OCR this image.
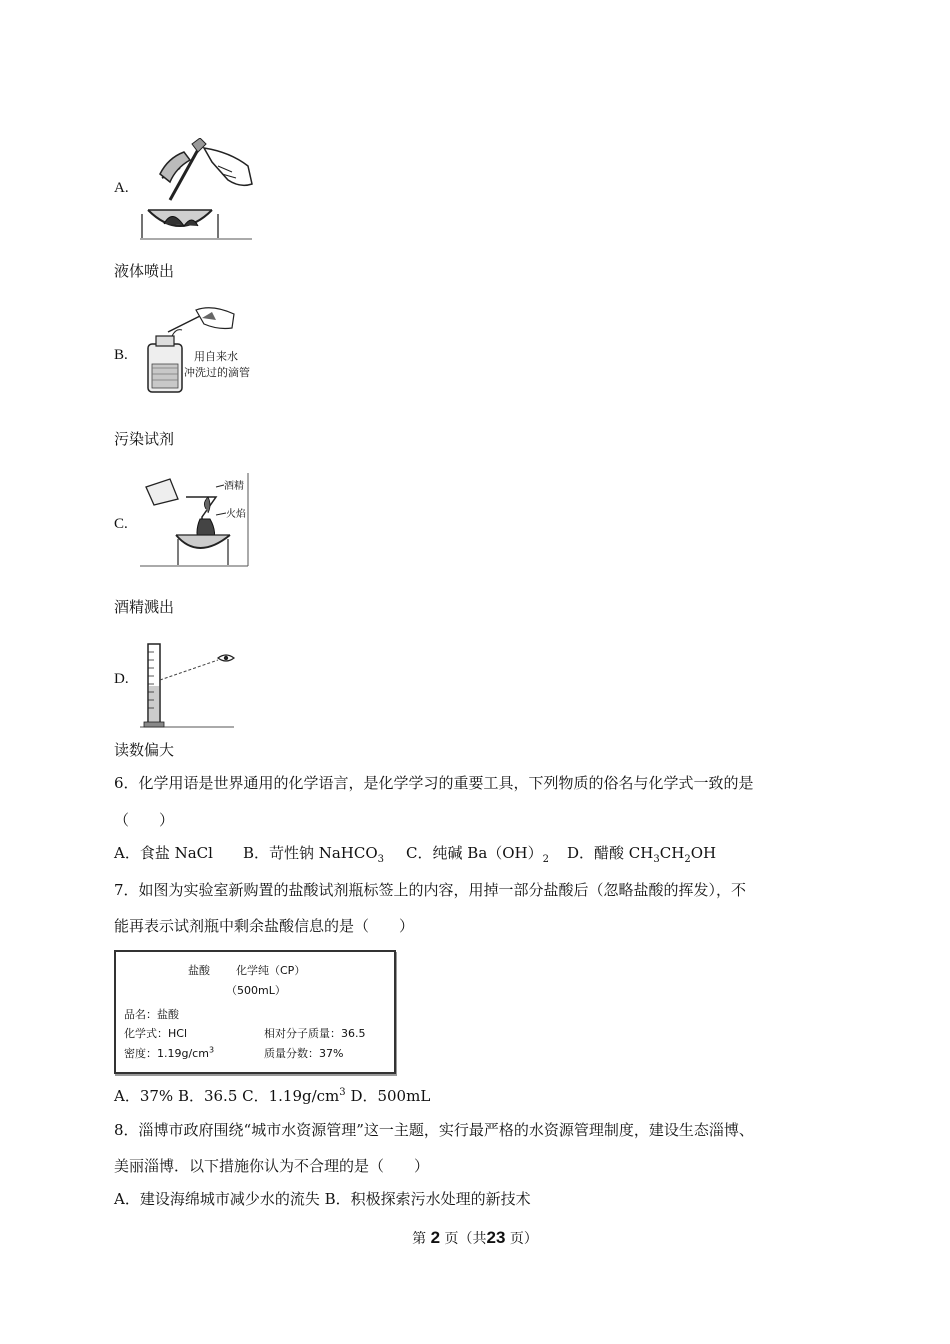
A.
液体喷出
B.	用自来水
冲洗过的滴管
污染试剂
C.
酒精
火焰
酒精溅出
D.
读数偏大
6．化学用语是世界通用的化学语言，是化学学习的重要工具，下列物质的俗名与化学式一致的是
（　　）
A．食盐 NaCl B．苛性钠 NaHCO$_3$ C．纯碱 $Ba(OH)_2$ D．醋酸 $CH_3CH_2OH$
7．如图为实验室新购置的盐酸试剂瓶标签上的内容，用掉一部分盐酸后（忽略盐酸的挥发），不
能再表示试剂瓶中剩余盐酸信息的是（　　）
盐酸 化学纯（CP）
（500mL）
品名：盐酸
化学式：HCl	相对分子质量：36.5
密度：$1.19g/cm^3$	质量分数：37%
A．37% B．36.5 C．$1.19g/cm^3$ D．500mL
8．淄博市政府围绕“城市水资源管理”这一主题，实行最严格的水资源管理制度，建设生态淄博、
美丽淄博．以下措施你认为不合理的是（　　）
A．建设海绵城市减少水的流失 B．积极探索污水处理的新技术
第 2 页（共23 页）
